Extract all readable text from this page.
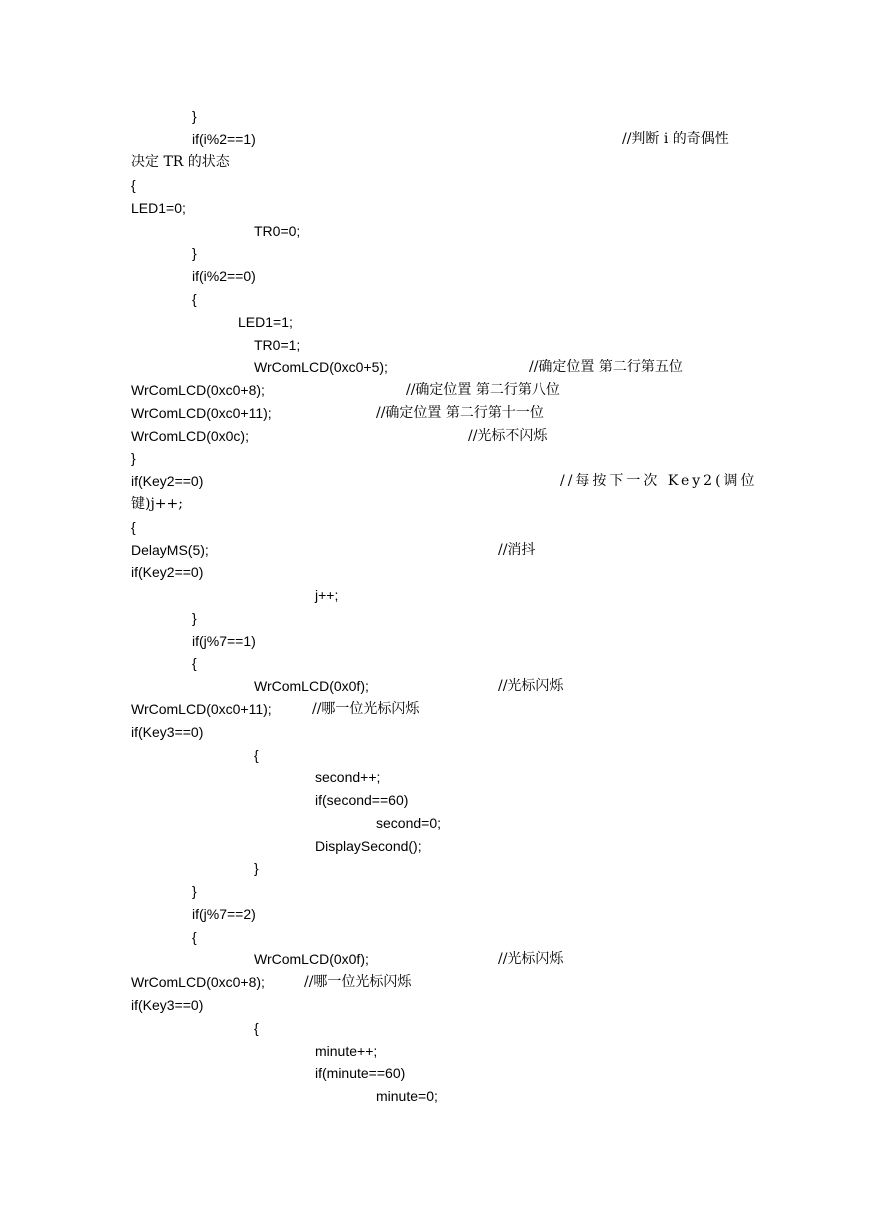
}
if(i%2==1)	//判断 i 的奇偶性
决定 TR 的状态
{
LED1=0;
TR0=0;
}
if(i%2==0)
{
LED1=1;
TR0=1;
WrComLCD(0xc0+5);	//确定位置 第二行第五位
WrComLCD(0xc0+8);	//确定位置 第二行第八位
WrComLCD(0xc0+11);	//确定位置 第二行第十一位
WrComLCD(0x0c);	//光标不闪烁
}
if(Key2==0)	//每按下一次 Key2(调位
键)j++;
{
DelayMS(5);	//消抖
if(Key2==0)
j++;
}
if(j%7==1)
{
WrComLCD(0x0f);	//光标闪烁
WrComLCD(0xc0+11);	//哪一位光标闪烁
if(Key3==0)
{
second++;
if(second==60)
second=0;
DisplaySecond();
}
}
if(j%7==2)
{
WrComLCD(0x0f);	//光标闪烁
WrComLCD(0xc0+8);	//哪一位光标闪烁
if(Key3==0)
{
minute++;
if(minute==60)
minute=0;
